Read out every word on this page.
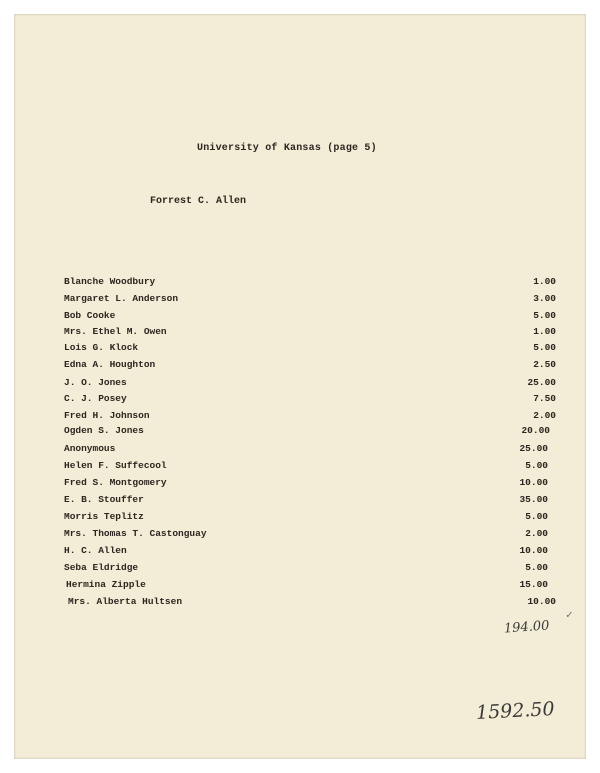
University of Kansas (page 5)
Forrest C. Allen
Blanche Woodbury	1.00
Margaret L. Anderson	3.00
Bob Cooke	5.00
Mrs. Ethel M. Owen	1.00
Lois G. Klock	5.00
Edna A. Houghton	2.50
J. O. Jones	25.00
C. J. Posey	7.50
Fred H. Johnson	2.00
Ogden S. Jones	20.00
Anonymous	25.00
Helen F. Suffecool	5.00
Fred S. Montgomery	10.00
E. B. Stouffer	35.00
Morris Teplitz	5.00
Mrs. Thomas T. Castonguay	2.00
H. C. Allen	10.00
Seba Eldridge	5.00
Hermina Zipple	15.00
Mrs. Alberta Hultsen	10.00
194.00
✓
1592.50
